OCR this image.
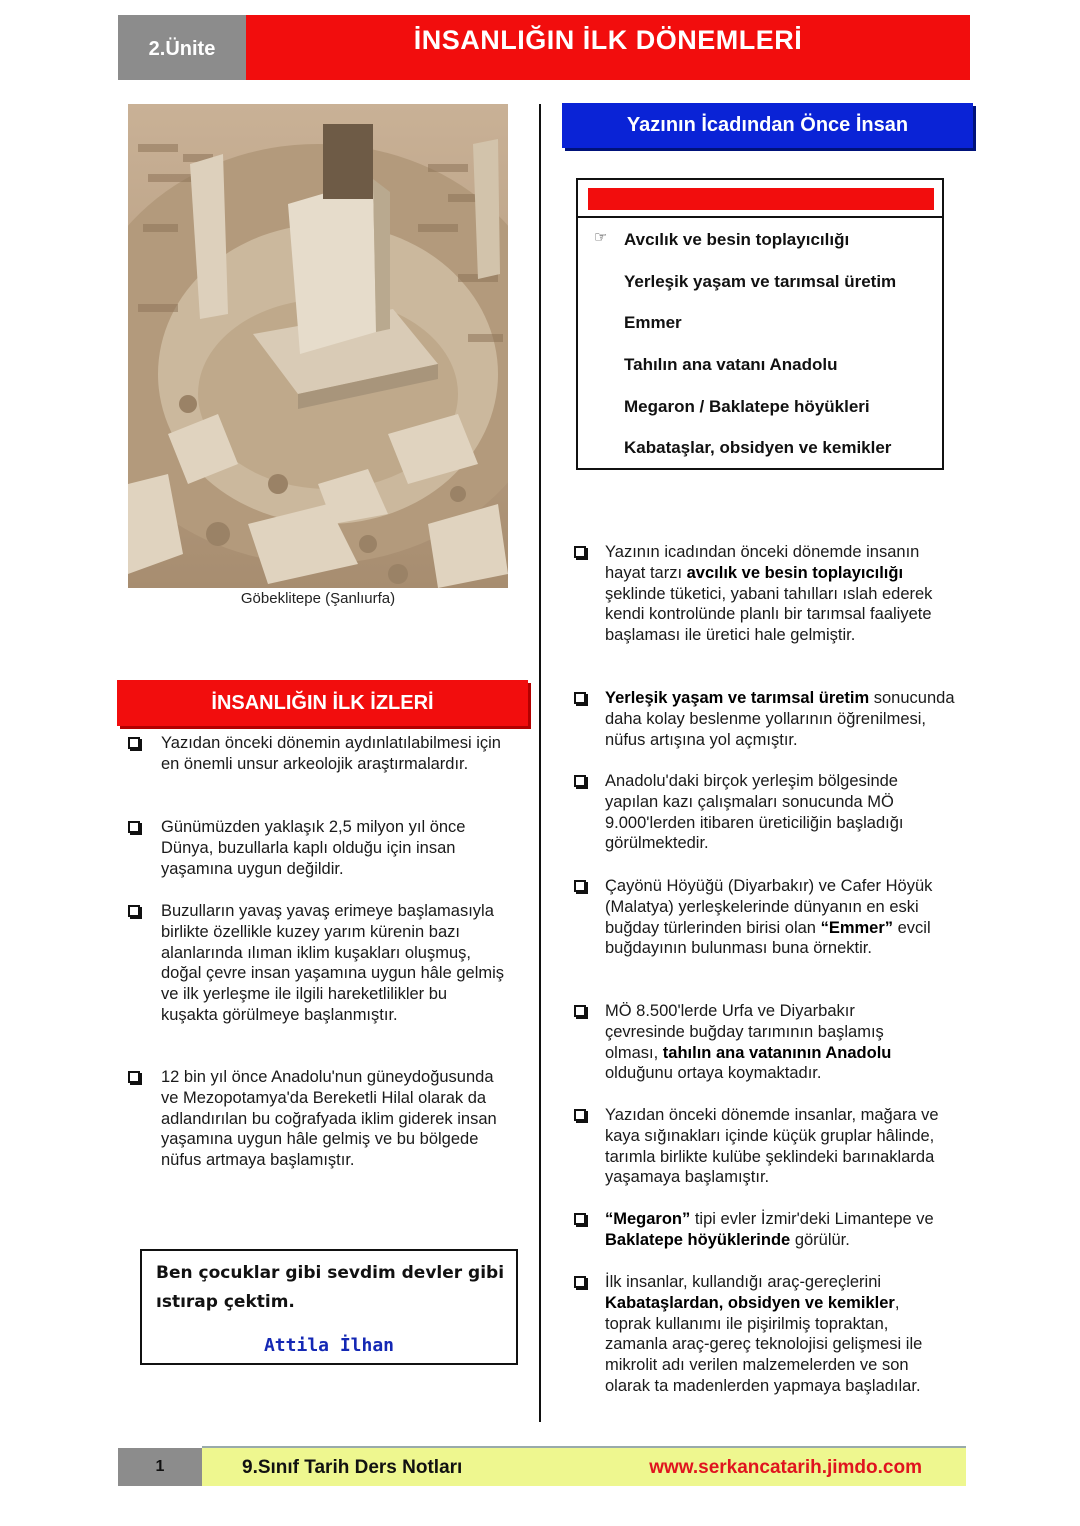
2.Ünite	İNSANLIĞIN İLK DÖNEMLERİ
Göbeklitepe (Şanlıurfa)
İNSANLIĞIN İLK İZLERİ
Yazıdan önceki dönemin aydınlatılabilmesi için en önemli unsur arkeolojik araştırmalardır.
Günümüzden yaklaşık 2,5 milyon yıl önce Dünya, buzullarla kaplı olduğu için insan yaşamına uygun değildir.
Buzulların yavaş yavaş erimeye başlamasıyla birlikte özellikle kuzey yarım kürenin bazı alanlarında ılıman iklim kuşakları oluşmuş, doğal çevre insan yaşamına uygun hâle gelmiş ve ilk yerleşme ile ilgili hareketlilikler bu kuşakta görülmeye başlanmıştır.
12 bin yıl önce Anadolu'nun güneydoğusunda ve Mezopotamya'da Bereketli Hilal olarak da adlandırılan bu coğrafyada iklim giderek insan yaşamına uygun hâle gelmiş ve bu bölgede nüfus artmaya başlamıştır.
Ben çocuklar gibi sevdim devler gibi ıstırap çektim.
Attila İlhan
Yazının İcadından Önce İnsan
☞ Avcılık ve besin toplayıcılığı
Yerleşik yaşam ve tarımsal üretim
Emmer
Tahılın ana vatanı Anadolu
Megaron / Baklatepe höyükleri
Kabataşlar, obsidyen ve kemikler
Yazının icadından önceki dönemde insanın hayat tarzı avcılık ve besin toplayıcılığı şeklinde tüketici, yabani tahılları ıslah ederek kendi kontrolünde planlı bir tarımsal faaliyete başlaması ile üretici hale gelmiştir.
Yerleşik yaşam ve tarımsal üretim sonucunda daha kolay beslenme yollarının öğrenilmesi, nüfus artışına yol açmıştır.
Anadolu'daki birçok yerleşim bölgesinde yapılan kazı çalışmaları sonucunda MÖ 9.000'lerden itibaren üreticiliğin başladığı görülmektedir.
Çayönü Höyüğü (Diyarbakır) ve Cafer Höyük (Malatya) yerleşkelerinde dünyanın en eski buğday türlerinden birisi olan “Emmer” evcil buğdayının bulunması buna örnektir.
MÖ 8.500'lerde Urfa ve Diyarbakır çevresinde buğday tarımının başlamış olması, tahılın ana vatanının Anadolu olduğunu ortaya koymaktadır.
Yazıdan önceki dönemde insanlar, mağara ve kaya sığınakları içinde küçük gruplar hâlinde, tarımla birlikte kulübe şeklindeki barınaklarda yaşamaya başlamıştır.
“Megaron” tipi evler İzmir'deki Limantepe ve Baklatepe höyüklerinde görülür.
İlk insanlar, kullandığı araç-gereçlerini Kabataşlardan, obsidyen ve kemikler, toprak kullanımı ile pişirilmiş topraktan, zamanla araç-gereç teknolojisi gelişmesi ile mikrolit adı verilen malzemelerden ve son olarak ta madenlerden yapmaya başladılar.
1	9.Sınıf Tarih Ders Notları	www.serkancatarih.jimdo.com
